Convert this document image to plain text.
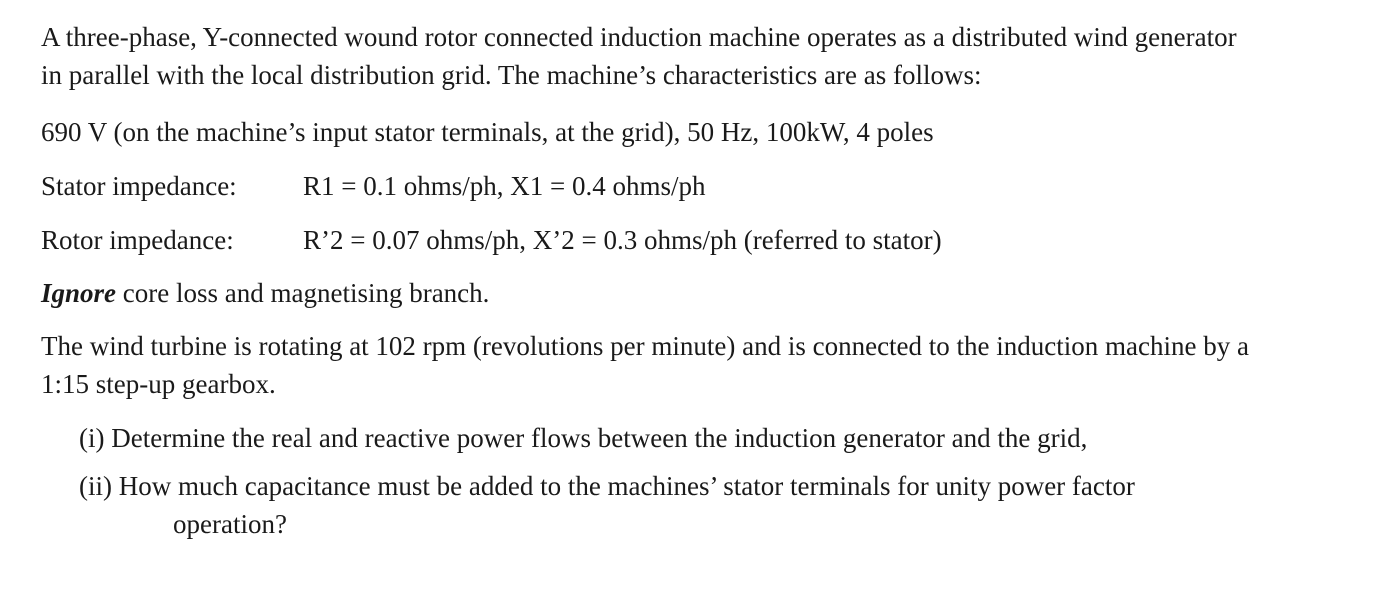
A three-phase, Y-connected wound rotor connected induction machine operates as a distributed wind generator
in parallel with the local distribution grid. The machine’s characteristics are as follows:

690 V (on the machine’s input stator terminals, at the grid), 50 Hz, 100kW, 4 poles

Stator impedance: R1 = 0.1 ohms/ph, X1 = 0.4 ohms/ph
Rotor impedance:	R’2 = 0.07 ohms/ph, X’2 = 0.3 ohms/ph (referred to stator)

Ignore core loss and magnetising branch.

The wind turbine is rotating at 102 rpm (revolutions per minute) and is connected to the induction machine by a
1:15 step-up gearbox.

(i) Determine the real and reactive power flows between the induction generator and the grid,
(ii) How much capacitance must be added to the machines’ stator terminals for unity power factor
operation?
